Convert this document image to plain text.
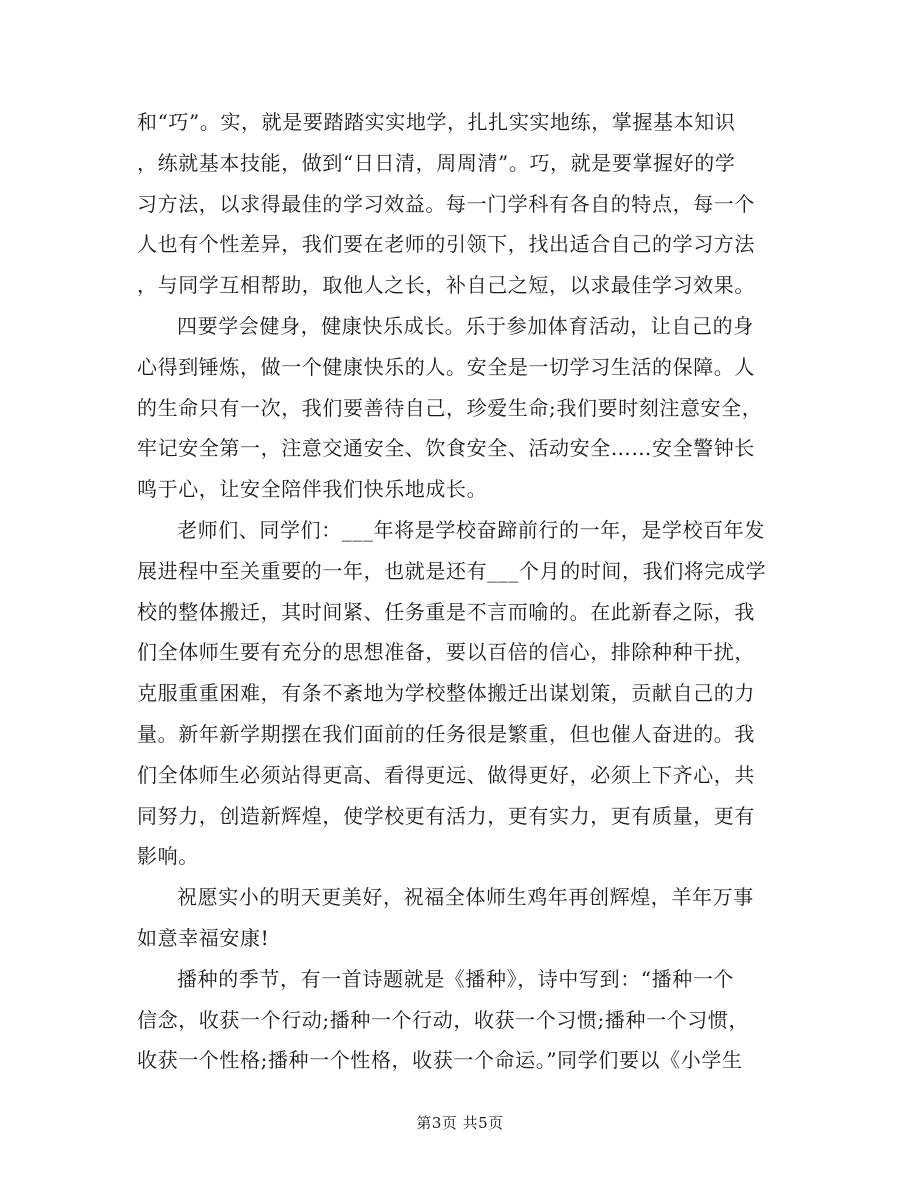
和“巧”。实，就是要踏踏实实地学，扎扎实实地练，掌握基本知识
，练就基本技能，做到“日日清，周周清”。巧，就是要掌握好的学
习方法，以求得最佳的学习效益。每一门学科有各自的特点，每一个
人也有个性差异，我们要在老师的引领下，找出适合自己的学习方法
，与同学互相帮助，取他人之长，补自己之短，以求最佳学习效果。
四要学会健身，健康快乐成长。乐于参加体育活动，让自己的身
心得到锤炼，做一个健康快乐的人。安全是一切学习生活的保障。人
的生命只有一次，我们要善待自己，珍爱生命;我们要时刻注意安全，
牢记安全第一，注意交通安全、饮食安全、活动安全……安全警钟长
鸣于心，让安全陪伴我们快乐地成长。
老师们、同学们：___年将是学校奋蹄前行的一年，是学校百年发
展进程中至关重要的一年，也就是还有___个月的时间，我们将完成学
校的整体搬迁，其时间紧、任务重是不言而喻的。在此新春之际，我
们全体师生要有充分的思想准备，要以百倍的信心，排除种种干扰，
克服重重困难，有条不紊地为学校整体搬迁出谋划策，贡献自己的力
量。新年新学期摆在我们面前的任务很是繁重，但也催人奋进的。我
们全体师生必须站得更高、看得更远、做得更好，必须上下齐心，共
同努力，创造新辉煌，使学校更有活力，更有实力，更有质量，更有
影响。
祝愿实小的明天更美好，祝福全体师生鸡年再创辉煌，羊年万事
如意幸福安康!
播种的季节，有一首诗题就是《播种》，诗中写到：“播种一个
信念，收获一个行动;播种一个行动，收获一个习惯;播种一个习惯，
收获一个性格;播种一个性格，收获一个命运。”同学们要以《小学生
第3页 共5页
